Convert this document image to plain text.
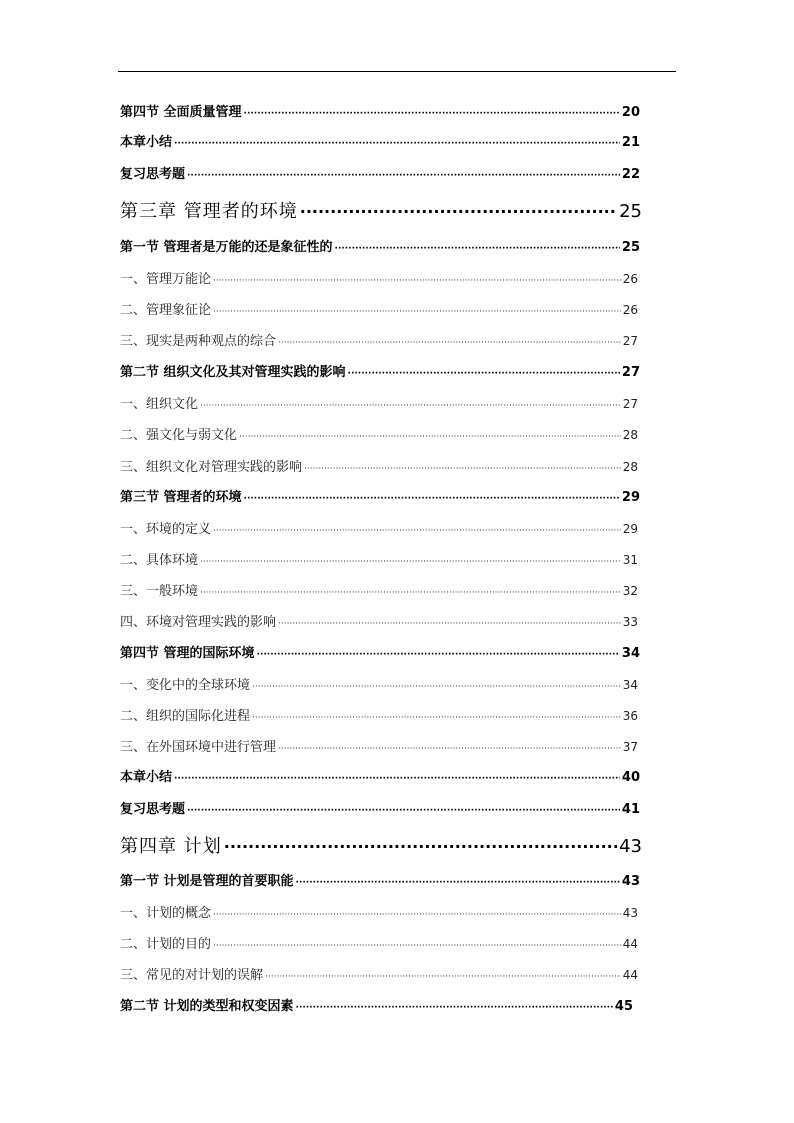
第四节 全面质量管理 ·····	20
本章小结 ·····	21
复习思考题 ·····	22
第三章 管理者的环境 ·····	25
第一节 管理者是万能的还是象征性的 ·····	25
一、管理万能论 ·····	26
二、管理象征论 ·····	26
三、现实是两种观点的综合 ·····	27
第二节 组织文化及其对管理实践的影响 ·····	27
一、组织文化 ·····	27
二、强文化与弱文化 ·····	28
三、组织文化对管理实践的影响 ·····	28
第三节 管理者的环境 ·····	29
一、环境的定义 ·····	29
二、具体环境 ·····	31
三、一般环境 ·····	32
四、环境对管理实践的影响 ·····	33
第四节 管理的国际环境 ·····	34
一、变化中的全球环境 ·····	34
二、组织的国际化进程 ·····	36
三、在外国环境中进行管理 ·····	37
本章小结 ·····	40
复习思考题 ·····	41
第四章 计划 ·····	43
第一节 计划是管理的首要职能 ·····	43
一、计划的概念 ·····	43
二、计划的目的 ·····	44
三、常见的对计划的误解 ·····	44
第二节 计划的类型和权变因素 ·····	45
